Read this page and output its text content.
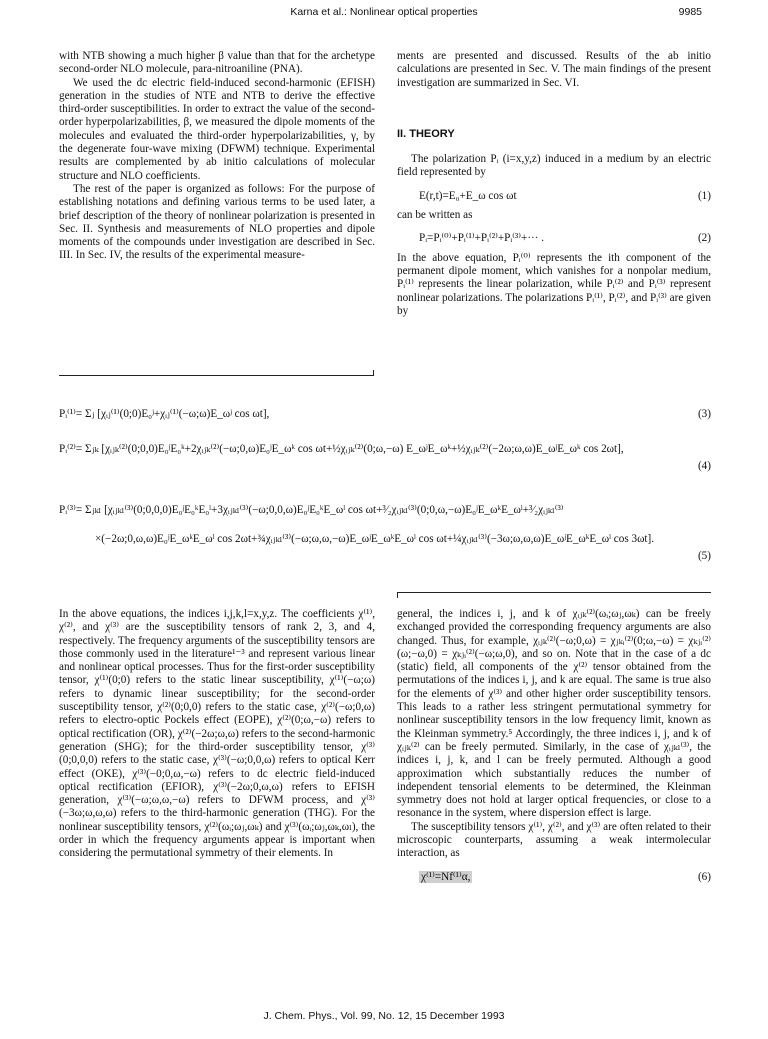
Karna et al.: Nonlinear optical properties	9985

with NTB showing a much higher β value than that for the archetype second-order NLO molecule, para-nitroaniline (PNA).

We used the dc electric field-induced second-harmonic (EFISH) generation in the studies of NTE and NTB to derive the effective third-order susceptibilities. In order to extract the value of the second-order hyperpolarizabilities, β, we measured the dipole moments of the molecules and evaluated the third-order hyperpolarizabilities, γ, by the degenerate four-wave mixing (DFWM) technique. Experimental results are complemented by ab initio calculations of molecular structure and NLO coefficients.

The rest of the paper is organized as follows: For the purpose of establishing notations and defining various terms to be used later, a brief description of the theory of nonlinear polarization is presented in Sec. II. Synthesis and measurements of NLO properties and dipole moments of the compounds under investigation are described in Sec. III. In Sec. IV, the results of the experimental measure-

ments are presented and discussed. Results of the ab initio calculations are presented in Sec. V. The main findings of the present investigation are summarized in Sec. VI.

II. THEORY

The polarization Pᵢ (i=x,y,z) induced in a medium by an electric field represented by

E(r,t)=E₀+E_ω cos ωt	(1)

can be written as

Pᵢ=Pᵢ⁽⁰⁾+Pᵢ⁽¹⁾+Pᵢ⁽²⁾+Pᵢ⁽³⁾+··· .	(2)

In the above equation, Pᵢ⁽⁰⁾ represents the ith component of the permanent dipole moment, which vanishes for a nonpolar medium, Pᵢ⁽¹⁾ represents the linear polarization, while Pᵢ⁽²⁾ and Pᵢ⁽³⁾ represent nonlinear polarizations. The polarizations Pᵢ⁽¹⁾, Pᵢ⁽²⁾, and Pᵢ⁽³⁾ are given by

Pᵢ⁽¹⁾= Σⱼ [χᵢⱼ⁽¹⁾(0;0)E₀ʲ+χᵢⱼ⁽¹⁾(−ω;ω)E_ωʲ cos ωt],	(3)
Pᵢ⁽²⁾= Σⱼₖ [χᵢⱼₖ⁽²⁾(0;0,0)E₀ʲE₀ᵏ+2χᵢⱼₖ⁽²⁾(−ω;0,ω)E₀ʲE_ωᵏ cos ωt+½χᵢⱼₖ⁽²⁾(0;ω,−ω) E_ωʲE_ωᵏ+½χᵢⱼₖ⁽²⁾(−2ω;ω,ω)E_ωʲE_ωᵏ cos 2ωt],
(4)
Pᵢ⁽³⁾= Σⱼₖₗ [χᵢⱼₖₗ⁽³⁾(0;0,0,0)E₀ʲE₀ᵏE₀ˡ+3χᵢⱼₖₗ⁽³⁾(−ω;0,0,ω)E₀ʲE₀ᵏE_ωˡ cos ωt+³⁄₂χᵢⱼₖₗ⁽³⁾(0;0,ω,−ω)E₀ʲE_ωᵏE_ωˡ+³⁄₂χᵢⱼₖₗ⁽³⁾
×(−2ω;0,ω,ω)E₀ʲE_ωᵏE_ωˡ cos 2ωt+¾χᵢⱼₖₗ⁽³⁾(−ω;ω,ω,−ω)E_ωʲE_ωᵏE_ωˡ cos ωt+¼χᵢⱼₖₗ⁽³⁾(−3ω;ω,ω,ω)E_ωʲE_ωᵏE_ωˡ cos 3ωt].
(5)

In the above equations, the indices i,j,k,l=x,y,z. The coefficients χ⁽¹⁾, χ⁽²⁾, and χ⁽³⁾ are the susceptibility tensors of rank 2, 3, and 4, respectively. The frequency arguments of the susceptibility tensors are those commonly used in the literature¹⁻³ and represent various linear and nonlinear optical processes. Thus for the first-order susceptibility tensor, χ⁽¹⁾(0;0) refers to the static linear susceptibility, χ⁽¹⁾(−ω;ω) refers to dynamic linear susceptibility; for the second-order susceptibility tensor, χ⁽²⁾(0;0,0) refers to the static case, χ⁽²⁾(−ω;0,ω) refers to electro-optic Pockels effect (EOPE), χ⁽²⁾(0;ω,−ω) refers to optical rectification (OR), χ⁽²⁾(−2ω;ω,ω) refers to the second-harmonic generation (SHG); for the third-order susceptibility tensor, χ⁽³⁾(0;0,0,0) refers to the static case, χ⁽³⁾(−ω;0,0,ω) refers to optical Kerr effect (OKE), χ⁽³⁾(−0;0,ω,−ω) refers to dc electric field-induced optical rectification (EFIOR), χ⁽³⁾(−2ω;0,ω,ω) refers to EFISH generation, χ⁽³⁾(−ω;ω,ω,−ω) refers to DFWM process, and χ⁽³⁾(−3ω;ω,ω,ω) refers to the third-harmonic generation (THG). For the nonlinear susceptibility tensors, χ⁽²⁾(ωᵢ;ωⱼ,ωₖ) and χ⁽³⁾(ωᵢ;ωⱼ,ωₖ,ωₗ), the order in which the frequency arguments appear is important when considering the permutational symmetry of their elements. In

general, the indices i, j, and k of χᵢⱼₖ⁽²⁾(ωᵢ;ωⱼ,ωₖ) can be freely exchanged provided the corresponding frequency arguments are also changed. Thus, for example, χᵢⱼₖ⁽²⁾(−ω;0,ω) = χⱼₖᵢ⁽²⁾(0;ω,−ω) = χₖⱼᵢ⁽²⁾(ω;−ω,0) = χₖⱼᵢ⁽²⁾(−ω;ω,0), and so on. Note that in the case of a dc (static) field, all components of the χ⁽²⁾ tensor obtained from the permutations of the indices i, j, and k are equal. The same is true also for the elements of χ⁽³⁾ and other higher order susceptibility tensors. This leads to a rather less stringent permutational symmetry for nonlinear susceptibility tensors in the low frequency limit, known as the Kleinman symmetry.⁵ Accordingly, the three indices i, j, and k of χᵢⱼₖ⁽²⁾ can be freely permuted. Similarly, in the case of χᵢⱼₖₗ⁽³⁾, the indices i, j, k, and l can be freely permuted. Although a good approximation which substantially reduces the number of independent tensorial elements to be determined, the Kleinman symmetry does not hold at larger optical frequencies, or close to a resonance in the system, where dispersion effect is large.

The susceptibility tensors χ⁽¹⁾, χ⁽²⁾, and χ⁽³⁾ are often related to their microscopic counterparts, assuming a weak intermolecular interaction, as

χ⁽¹⁾=Nf⁽¹⁾α,	(6)
J. Chem. Phys., Vol. 99, No. 12, 15 December 1993
